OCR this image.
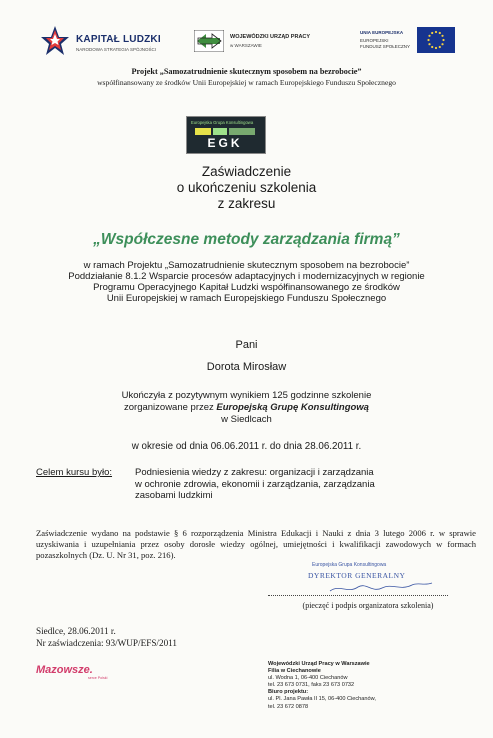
KAPITAŁ LUDZKI
NARODOWA STRATEGIA SPÓJNOŚCI
WOJEWÓDZKI URZĄD PRACY
w WARSZAWIE
UNIA EUROPEJSKA
EUROPEJSKI
FUNDUSZ SPOŁECZNY
Projekt „Samozatrudnienie skutecznym sposobem na bezrobocie”
współfinansowany ze środków Unii Europejskiej w ramach Europejskiego Funduszu Społecznego
Europejska Grupa Konsultingowa
EGK
Zaświadczenie
o ukończeniu szkolenia
z zakresu
„Współczesne metody zarządzania firmą”
w ramach Projektu „Samozatrudnienie skutecznym sposobem na bezrobocie”
Poddziałanie 8.1.2 Wsparcie procesów adaptacyjnych i modernizacyjnych w regionie
Programu Operacyjnego Kapitał Ludzki współfinansowanego ze środków
Unii Europejskiej w ramach Europejskiego Funduszu Społecznego
Pani
Dorota Mirosław
Ukończyła z pozytywnym wynikiem 125 godzinne szkolenie
zorganizowane przez Europejską Grupę Konsultingową
w Siedlcach
w okresie od dnia 06.06.2011 r. do dnia 28.06.2011 r.
Celem kursu było: Podniesienia wiedzy z zakresu: organizacji i zarządzania
w ochronie zdrowia, ekonomii i zarządzania, zarządzania
zasobami ludzkimi
Zaświadczenie wydano na podstawie § 6 rozporządzenia Ministra Edukacji i Nauki z dnia 3 lutego 2006 r. w sprawie uzyskiwania i uzupełniania przez osoby dorosłe wiedzy ogólnej, umiejętności i kwalifikacji zawodowych w formach pozaszkolnych (Dz. U. Nr 31, poz. 216).
Europejska Grupa Konsultingowa
DYREKTOR GENERALNY
(pieczęć i podpis organizatora szkolenia)
Siedlce, 28.06.2011 r.
Nr zaświadczenia: 93/WUP/EFS/2011
Mazowsze.
serce Polski
Wojewódzki Urząd Pracy w Warszawie
Filia w Ciechanowie
ul. Wodna 1, 06-400 Ciechanów
tel. 23 673 0731, faks 23 673 0732
Biuro projektu:
ul. Pl. Jana Pawła II 15, 06-400 Ciechanów,
tel. 23 672 0878
